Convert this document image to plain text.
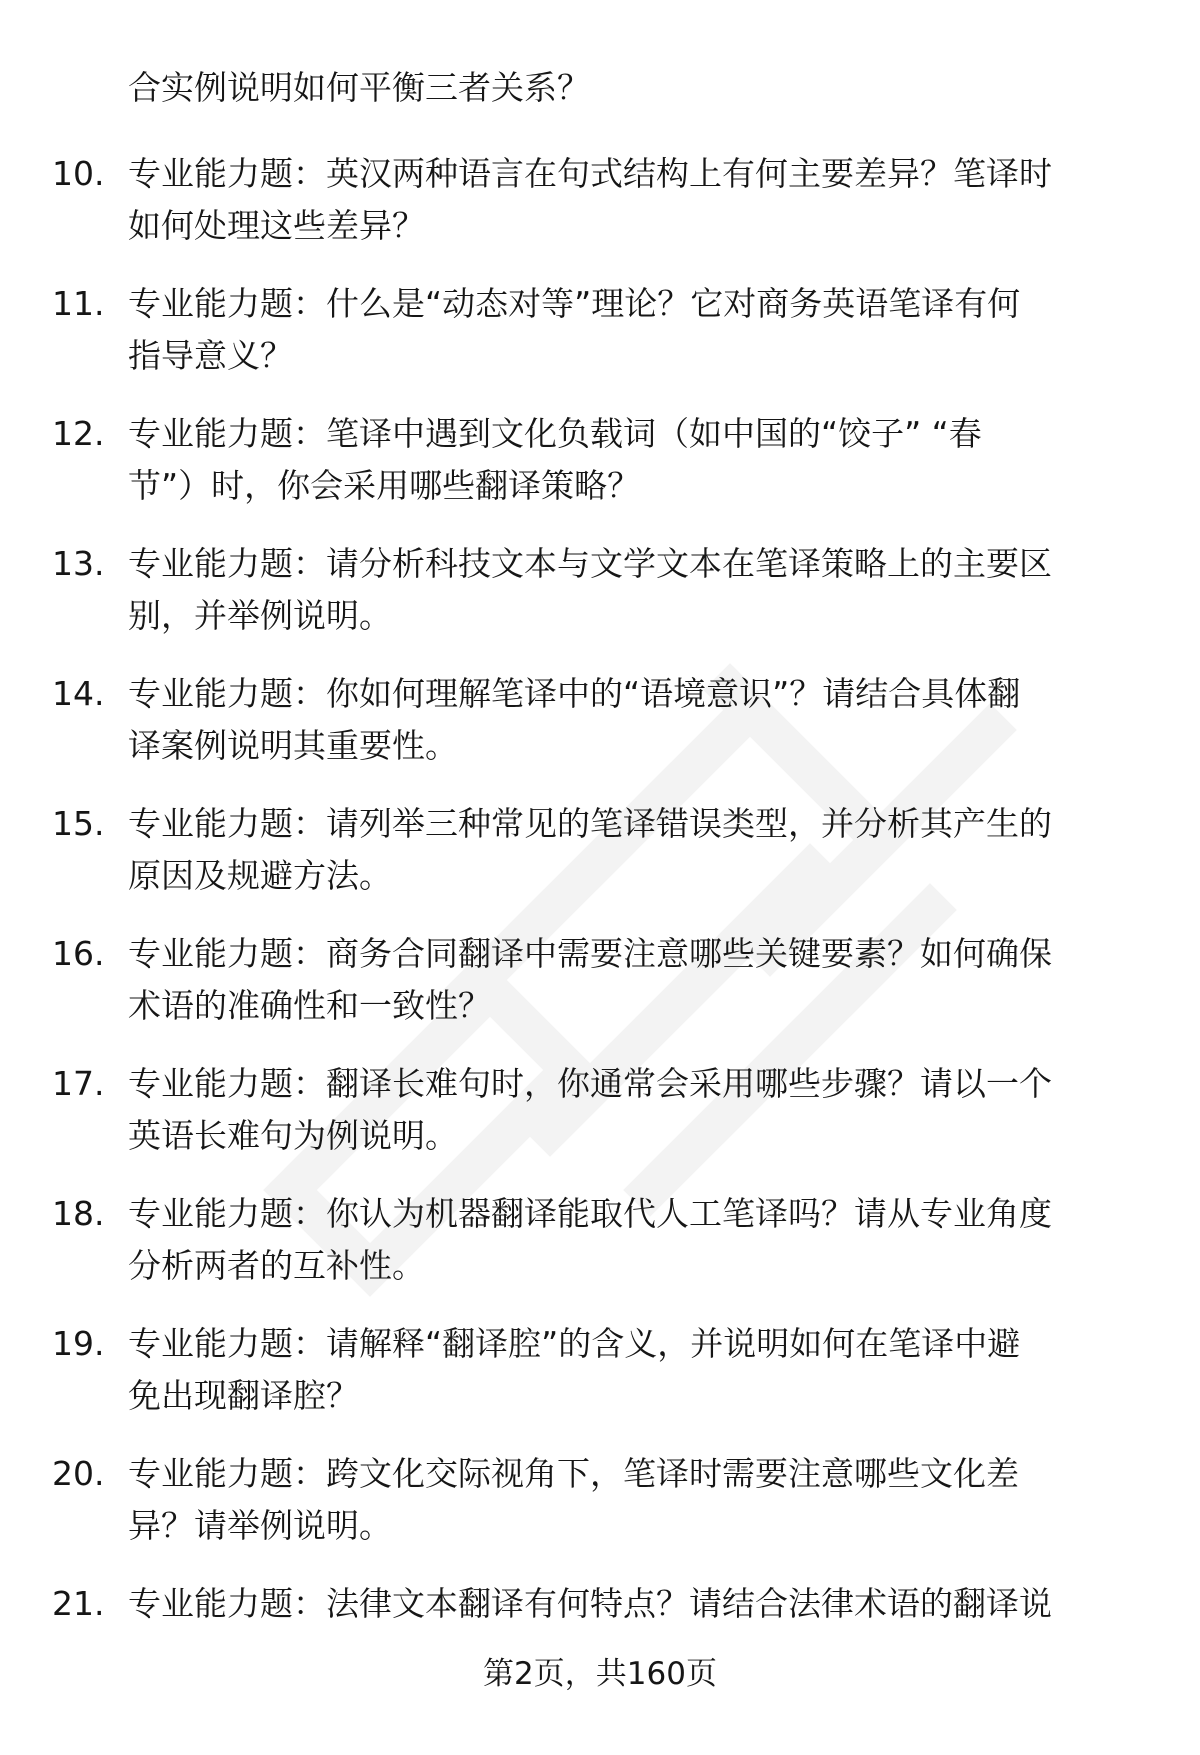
合实例说明如何平衡三者关系？
10. 专业能力题：英汉两种语言在句式结构上有何主要差异？笔译时
如何处理这些差异？
11. 专业能力题：什么是“动态对等”理论？它对商务英语笔译有何
指导意义？
12. 专业能力题：笔译中遇到文化负载词（如中国的“饺子” “春
节”）时，你会采用哪些翻译策略？
13. 专业能力题：请分析科技文本与文学文本在笔译策略上的主要区
别，并举例说明。
14. 专业能力题：你如何理解笔译中的“语境意识”？请结合具体翻
译案例说明其重要性。
15. 专业能力题：请列举三种常见的笔译错误类型，并分析其产生的
原因及规避方法。
16. 专业能力题：商务合同翻译中需要注意哪些关键要素？如何确保
术语的准确性和一致性？
17. 专业能力题：翻译长难句时，你通常会采用哪些步骤？请以一个
英语长难句为例说明。
18. 专业能力题：你认为机器翻译能取代人工笔译吗？请从专业角度
分析两者的互补性。
19. 专业能力题：请解释“翻译腔”的含义，并说明如何在笔译中避
免出现翻译腔？
20. 专业能力题：跨文化交际视角下，笔译时需要注意哪些文化差
异？请举例说明。
21. 专业能力题：法律文本翻译有何特点？请结合法律术语的翻译说
第2页，共160页
